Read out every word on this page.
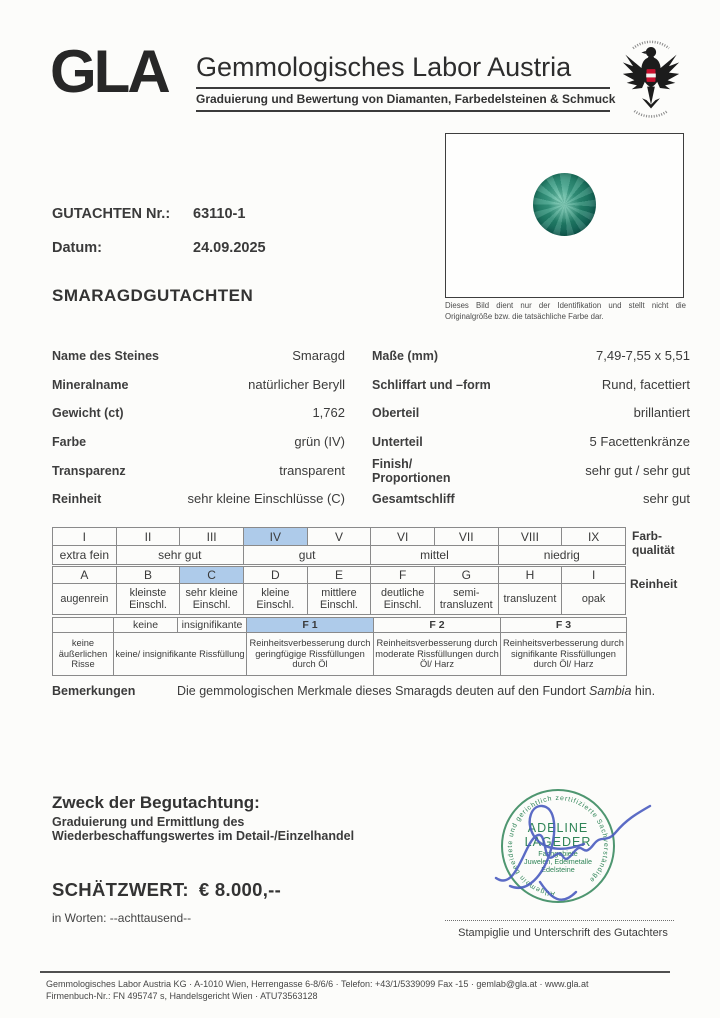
GLA Gemmologisches Labor Austria
Graduierung und Bewertung von Diamanten, Farbedelsteinen & Schmuck
GUTACHTEN Nr.: 63110-1
Datum:	24.09.2025
SMARAGDGUTACHTEN
Dieses Bild dient nur der Identifikation und stellt nicht die Originalgröße bzw. die tatsächliche Farbe dar.
Name des Steines	Smaragd
Mineralname	natürlicher Beryll
Gewicht (ct)	1,762
Farbe	grün (IV)
Transparenz	transparent
Reinheit	sehr kleine Einschlüsse (C)
Maße (mm)	7,49-7,55 x 5,51
Schliffart und –form	Rund, facettiert
Oberteil	brillantiert
Unterteil	5 Facettenkränze
Finish/ Proportionen	sehr gut / sehr gut
Gesamtschliff	sehr gut
I	II	III	IV	V	VI	VII	VIII	IX
extra fein	sehr gut		gut		mittel		niedrig	
Farb-qualität
A	B	C	D	E	F	G	H	I
augenrein	kleinste Einschl.	sehr kleine Einschl.	kleine Einschl.	mittlere Einschl.	deutliche Einschl.	semi-transluzent	transluzent	opak
Reinheit
	keine	insignifikante	F 1	F 2	F 3
keine äußerlichen Risse	keine/ insignifikante Rissfüllung		Reinheitsverbesserung durch geringfügige Rissfüllungen durch Öl	Reinheitsverbesserung durch moderate Rissfüllungen durch Öl/ Harz	Reinheitsverbesserung durch signifikante Rissfüllungen durch Öl/ Harz
Bemerkungen	Die gemmologischen Merkmale dieses Smaragds deuten auf den Fundort Sambia hin.
Zweck der Begutachtung:
Graduierung und Ermittlung des
Wiederbeschaffungswertes im Detail-/Einzelhandel
SCHÄTZWERT: € 8.000,--
in Worten: --achttausend--
Allgemein beeidete und gerichtlich zertifizierte Sachverständige
ADELINE
LAGEDER
Fachgebiete
Juwelen, Edelmetalle
Edelsteine
Stampiglie und Unterschrift des Gutachters
Gemmologisches Labor Austria KG · A-1010 Wien, Herrengasse 6-8/6/6 · Telefon: +43/1/5339099 Fax -15 · gemlab@gla.at · www.gla.at
Firmenbuch-Nr.: FN 495747 s, Handelsgericht Wien · ATU73563128
